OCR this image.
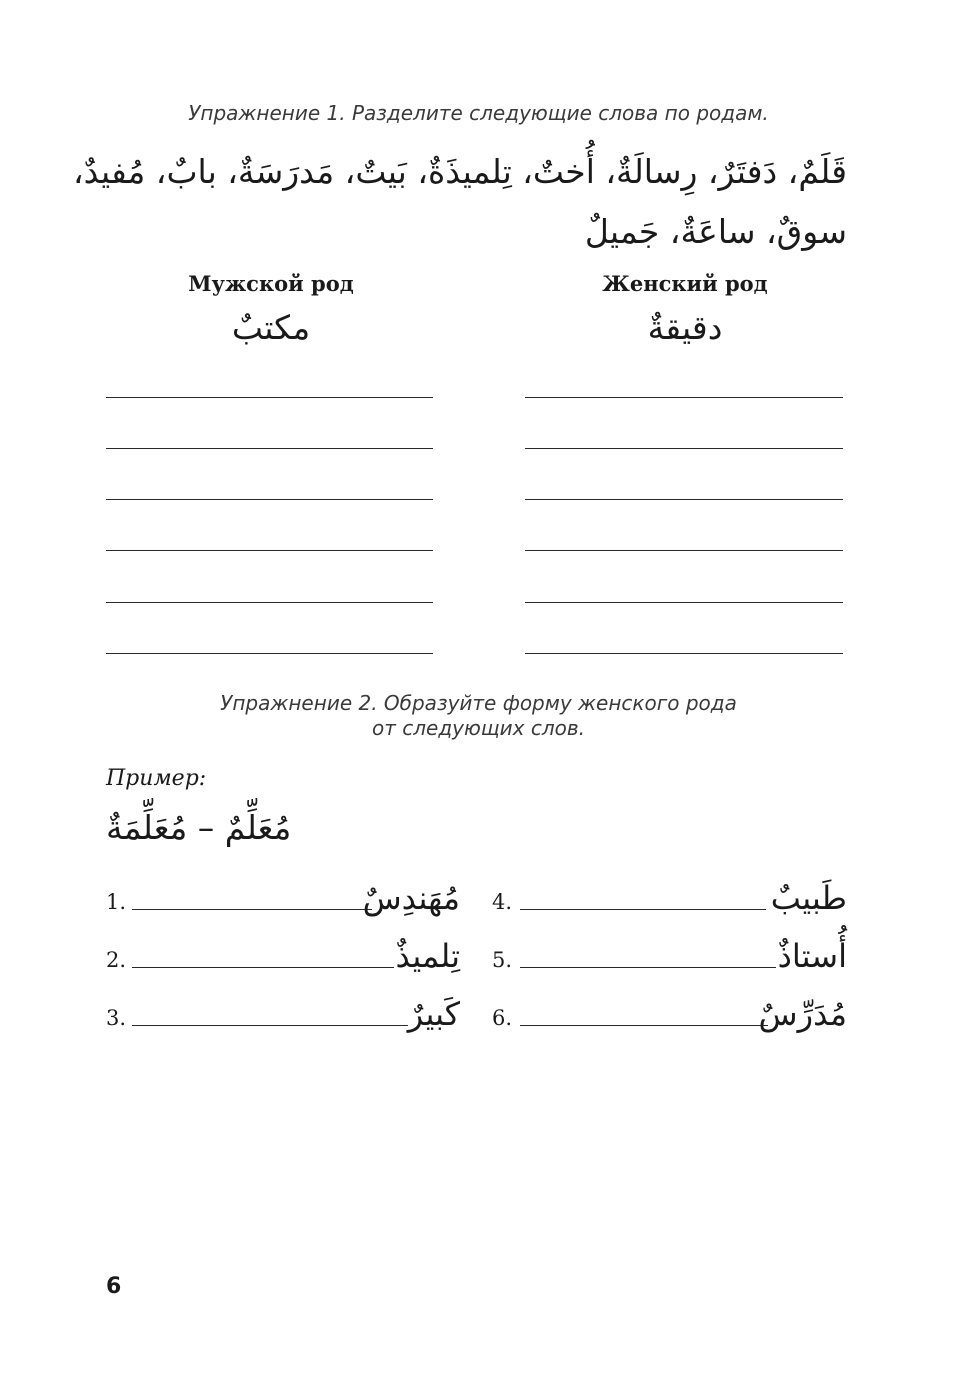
Упражнение 1. Разделите следующие слова по родам.
قَلَمٌ، دَفتَرٌ، رِسالَةٌ، أُختٌ، تِلميذَةٌ، بَيتٌ، مَدرَسَةٌ، بابٌ، مُفيدٌ،
سوقٌ، ساعَةٌ، جَميلٌ
Мужской род	Женский род
مكتبٌ	دقيقةٌ
Упражнение 2. Образуйте форму женского рода
от следующих слов.
Пример:
مُعَلِّمٌ – مُعَلِّمَةٌ
1.	مُهَندِسٌ
2.	تِلميذٌ
3.	كَبيرٌ
4.	طَبيبٌ
5.	أُستاذٌ
6.	مُدَرِّسٌ
6
